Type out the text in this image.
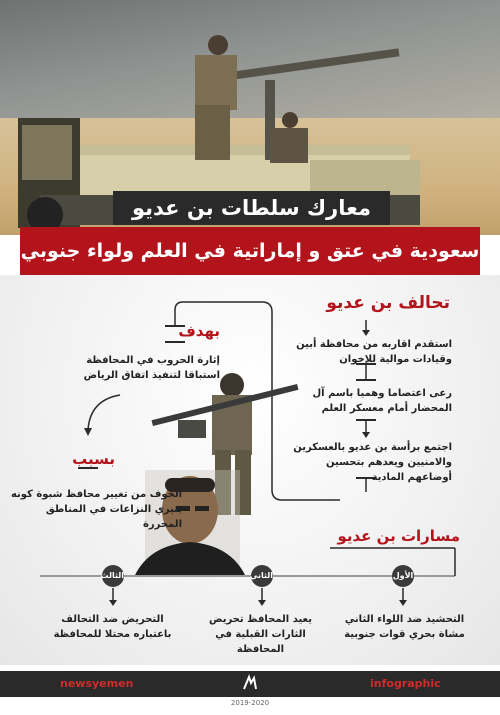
معارك سلطات بن عديو
سعودية في عتق و إماراتية في العلم ولواء جنوبي
تحالف بن عديو
استقدم اقاربه من محافظة أبين وقيادات موالية للإخوان
رعى اعتصاما وهميا باسم آل المحضار أمام معسكر العلم
اجتمع برأسة بن عديو بالعسكرين والامنيين ويعدهم بتحسين أوضاعهم المادية
بهدف
إثارة الحروب في المحافظة استباقا لتنفيذ اتفاق الرياض
بسبب
الخوف من تغيير محافظ شبوة كونه يثيري النزاعات في المناطق المحررة
مسارات بن عديو
الأول
الثاني
الثالث
التحشيد ضد اللواء الثاني مشاة بحري قوات جنوبية
يعيد المحافظ تحريض الثارات القبلية في المحافظة
التحريض ضد التحالف باعتباره محتلا للمحافظة
newsyemen	infographic
2019-2020
